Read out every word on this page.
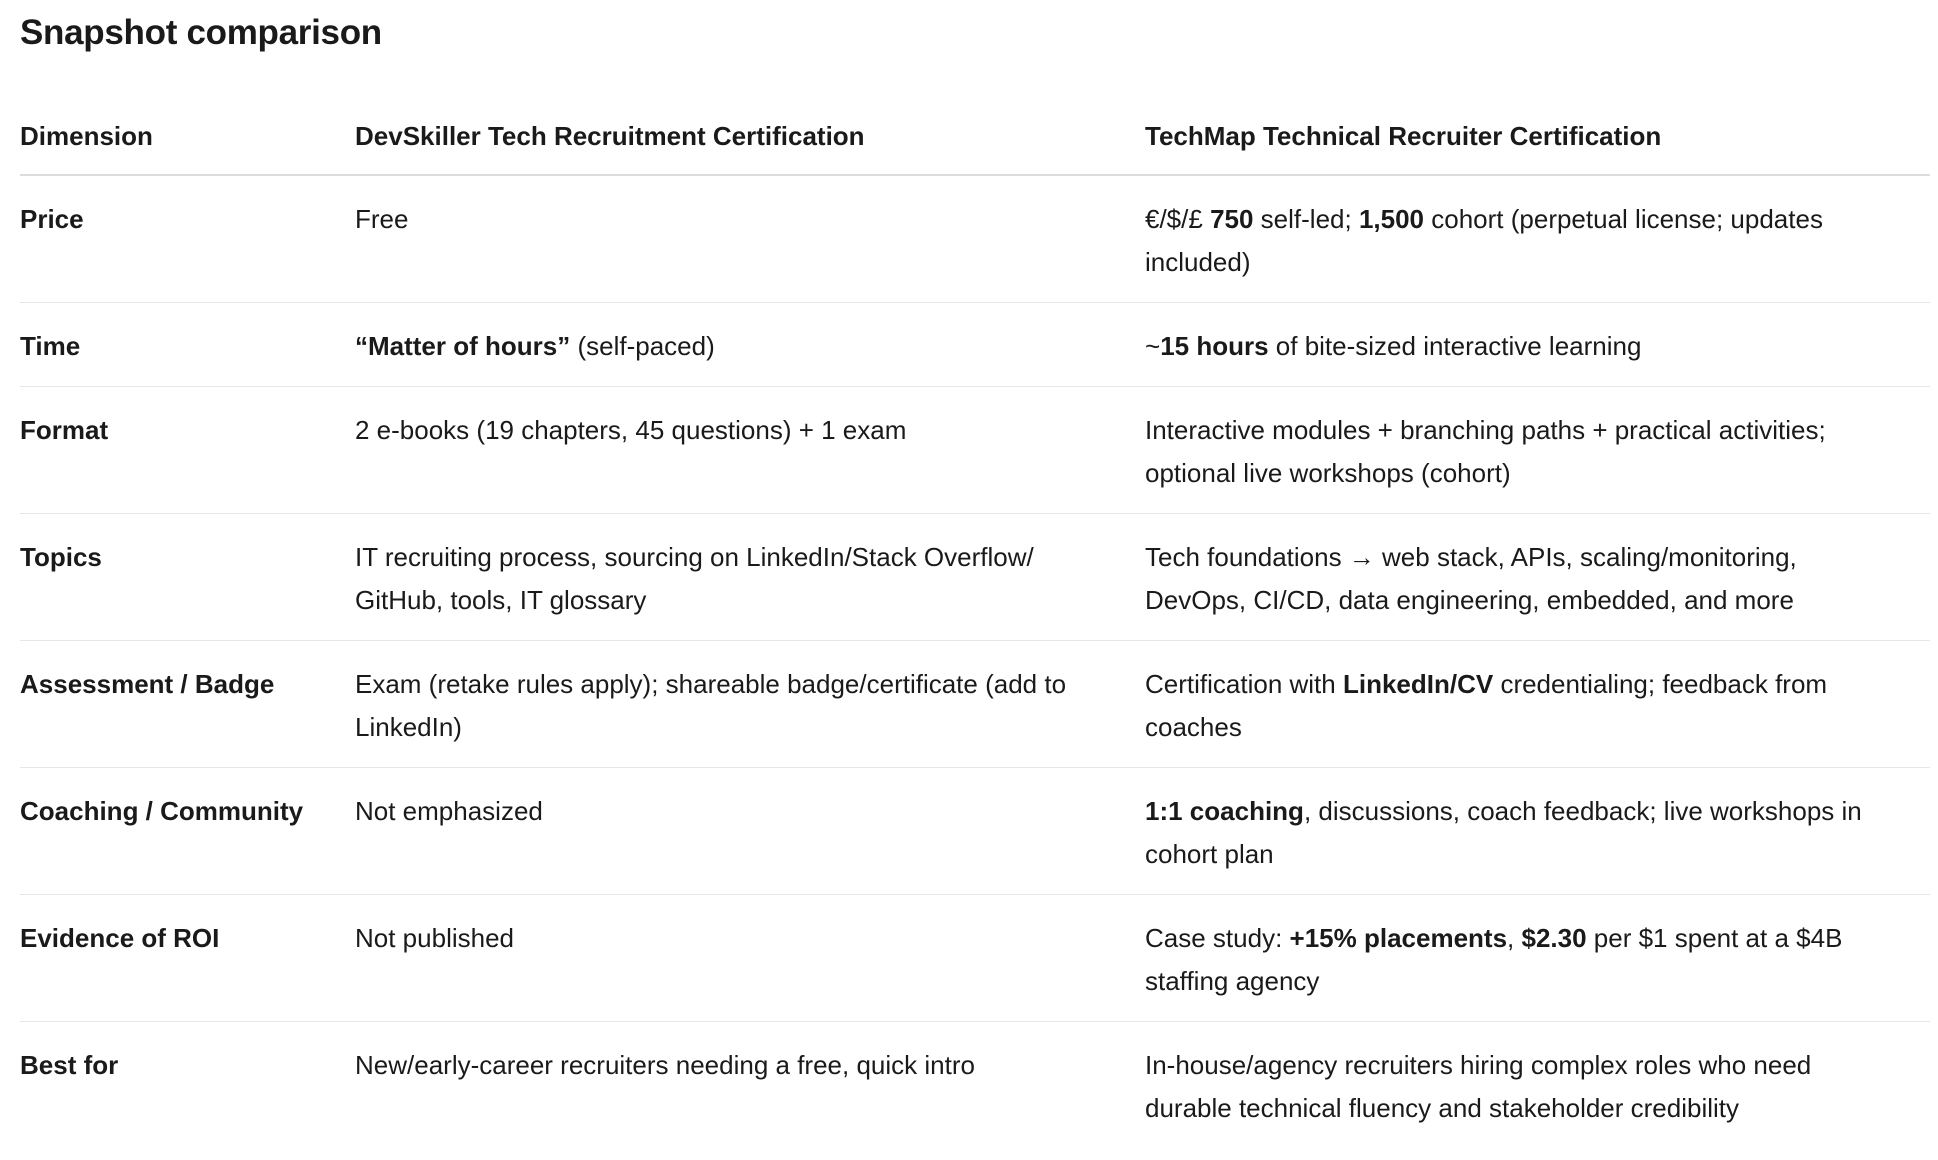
Snapshot comparison
Dimension	DevSkiller Tech Recruitment Certification	TechMap Technical Recruiter Certification
Price	Free	€/$/£ 750 self-led; 1,500 cohort (perpetual license; updates included)
Time	“Matter of hours” (self-paced)	~15 hours of bite-sized interactive learning
Format	2 e-books (19 chapters, 45 questions) + 1 exam	Interactive modules + branching paths + practical activities; optional live workshops (cohort)
Topics	IT recruiting process, sourcing on LinkedIn/Stack Overflow/ GitHub, tools, IT glossary	Tech foundations → web stack, APIs, scaling/monitoring, DevOps, CI/CD, data engineering, embedded, and more
Assessment / Badge	Exam (retake rules apply); shareable badge/certificate (add to LinkedIn)	Certification with LinkedIn/CV credentialing; feedback from coaches
Coaching / Community	Not emphasized	1:1 coaching, discussions, coach feedback; live workshops in cohort plan
Evidence of ROI	Not published	Case study: +15% placements, $2.30 per $1 spent at a $4B staffing agency
Best for	New/early-career recruiters needing a free, quick intro	In-house/agency recruiters hiring complex roles who need durable technical fluency and stakeholder credibility
